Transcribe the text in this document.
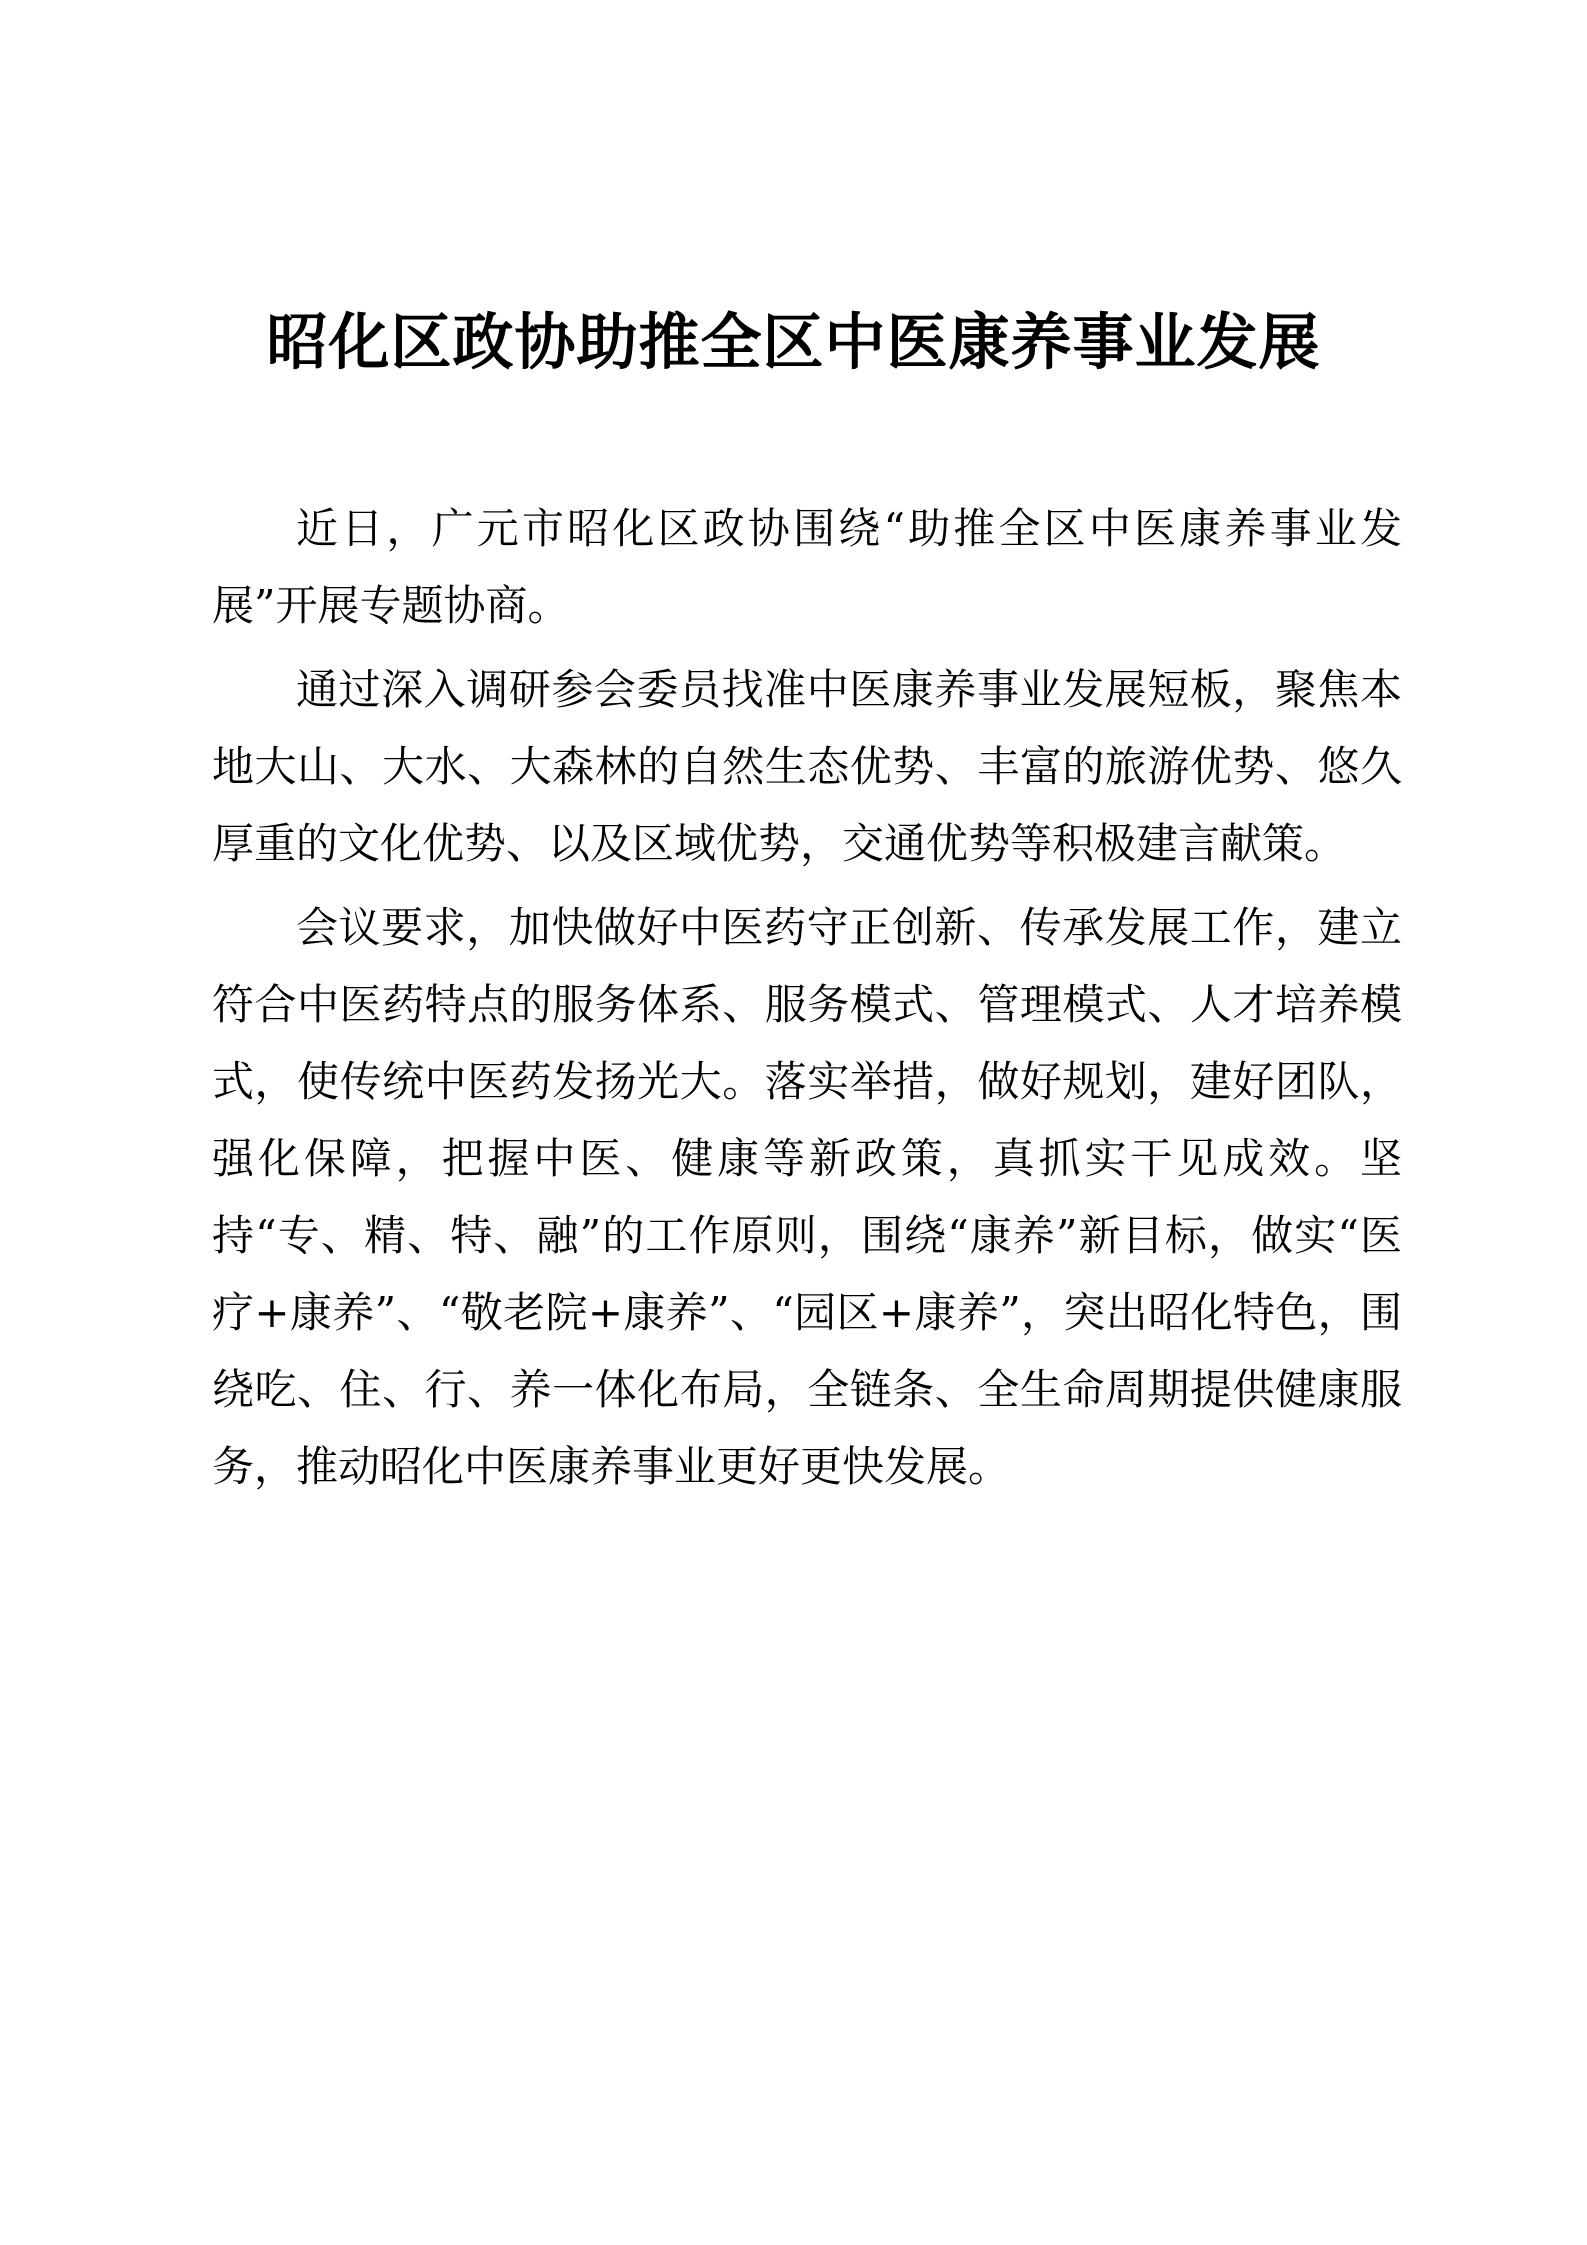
昭化区政协助推全区中医康养事业发展

近日，广元市昭化区政协围绕“助推全区中医康养事业发展”开展专题协商。

通过深入调研参会委员找准中医康养事业发展短板，聚焦本地大山、大水、大森林的自然生态优势、丰富的旅游优势、悠久厚重的文化优势、以及区域优势，交通优势等积极建言献策。

会议要求，加快做好中医药守正创新、传承发展工作，建立符合中医药特点的服务体系、服务模式、管理模式、人才培养模式，使传统中医药发扬光大。落实举措，做好规划，建好团队，强化保障，把握中医、健康等新政策，真抓实干见成效。坚持“专、精、特、融”的工作原则，围绕“康养”新目标，做实“医疗+康养”、“敬老院+康养”、“园区+康养”，突出昭化特色，围绕吃、住、行、养一体化布局，全链条、全生命周期提供健康服务，推动昭化中医康养事业更好更快发展。
